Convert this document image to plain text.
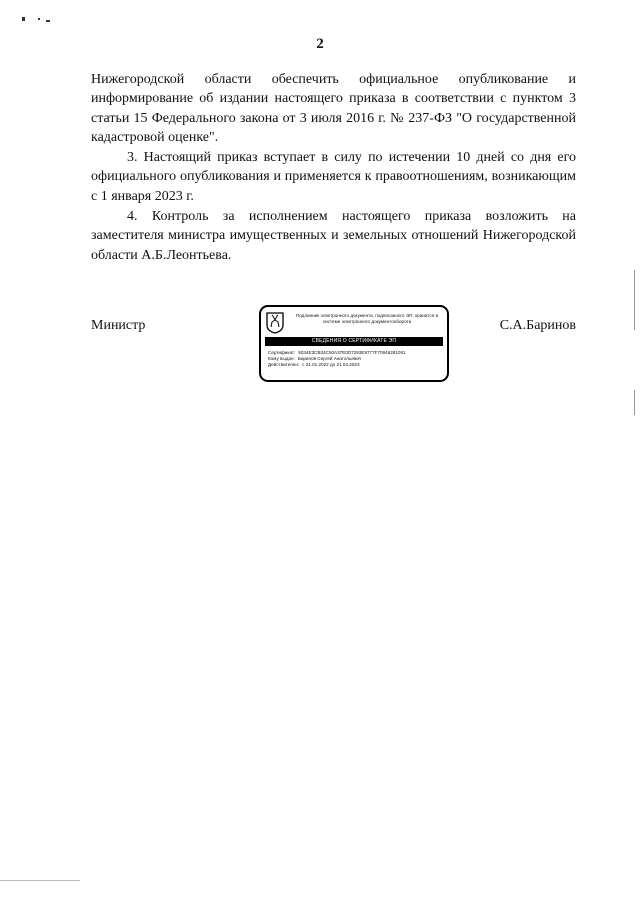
2

Нижегородской области обеспечить официальное опубликование и информирование об издании настоящего приказа в соответствии с пунктом 3 статьи 15 Федерального закона от 3 июля 2016 г. № 237-ФЗ "О государственной кадастровой оценке".

3. Настоящий приказ вступает в силу по истечении 10 дней со дня его официального опубликования и применяется к правоотношениям, возникающим с 1 января 2023 г.

4. Контроль за исполнением настоящего приказа возложить на заместителя министра имущественных и земельных отношений Нижегородской области А.Б.Леонтьева.

Министр	С.А.Баринов
Подлинник электронного документа, подписанного ЭП, хранится в системе электронного документооборота
СВЕДЕНИЯ О СЕРТИФИКАТЕ ЭП
Сертификат: 5034E3CB34C50A37E0D7293E9777F70946261081
Кому выдан: Баринов Сергей Анатольевич
Действителен: с 21.01.2022 до 21.04.2023
